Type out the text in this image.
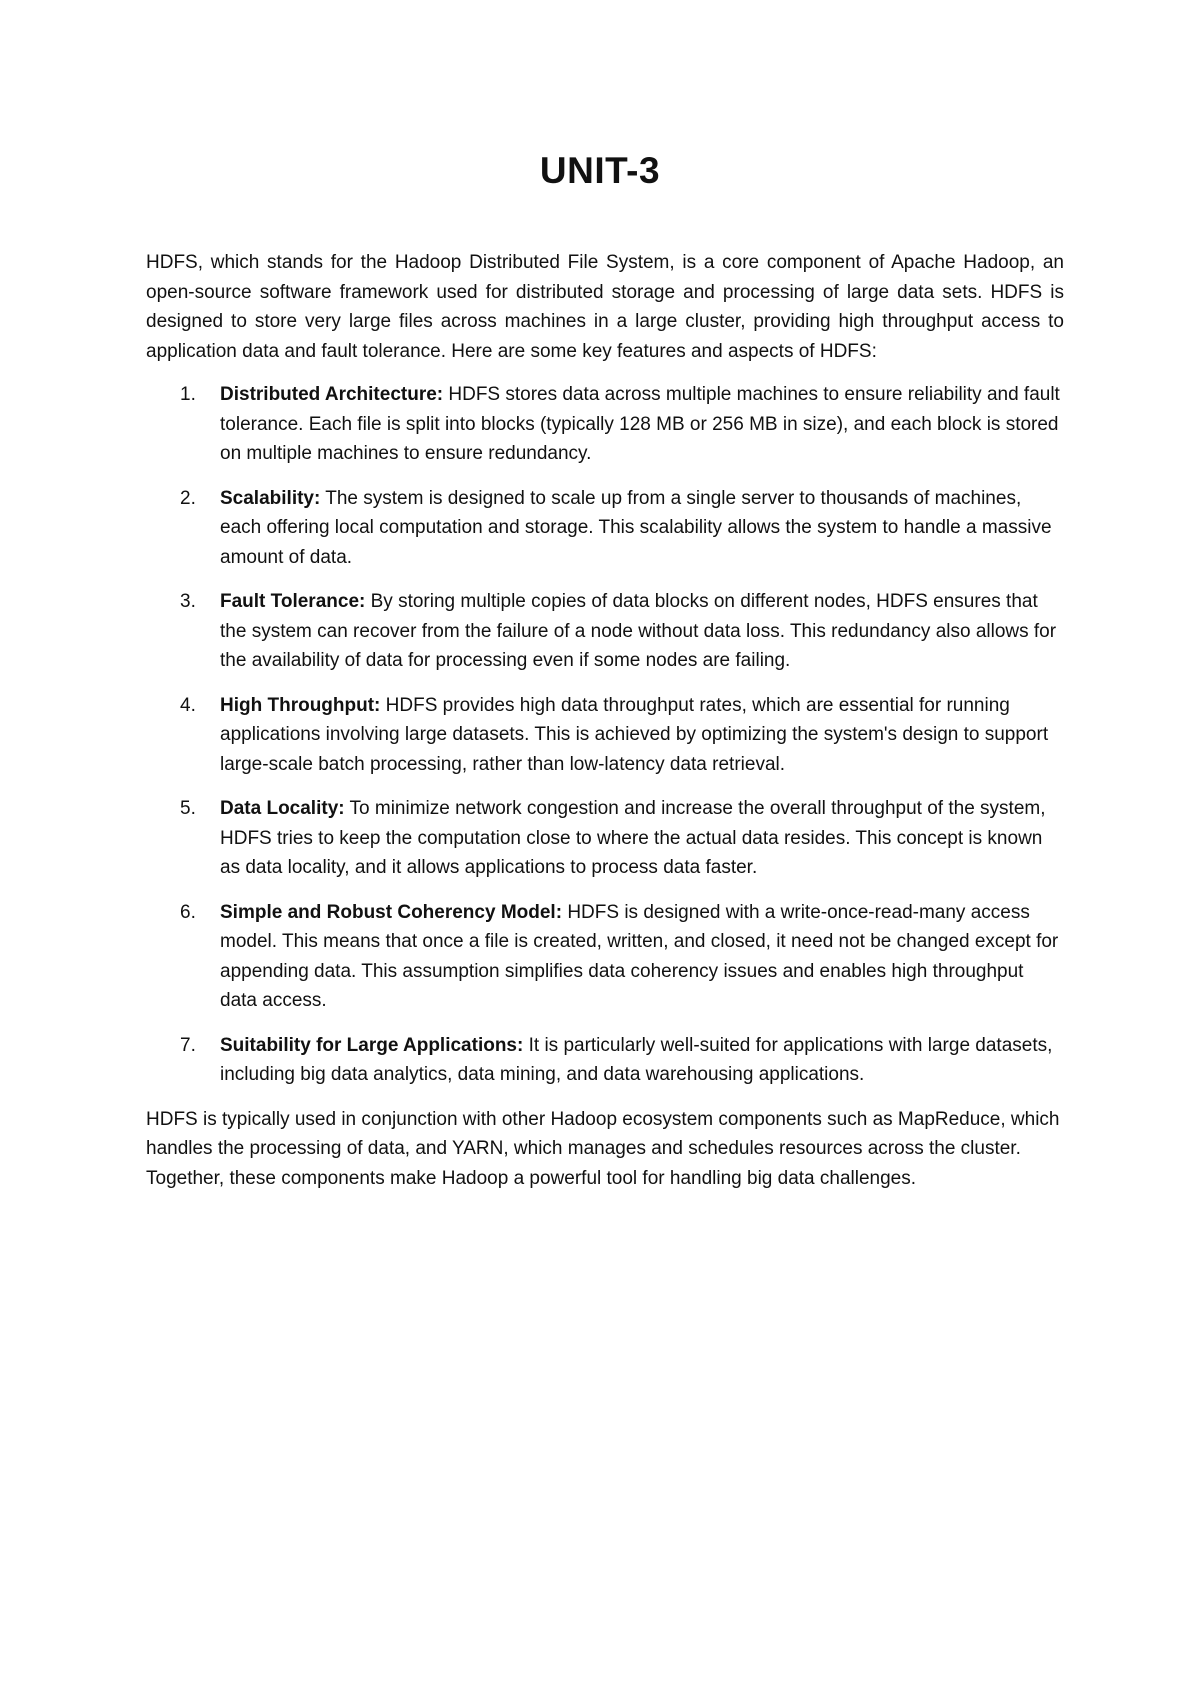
UNIT-3

HDFS, which stands for the Hadoop Distributed File System, is a core component of Apache Hadoop, an open-source software framework used for distributed storage and processing of large data sets. HDFS is designed to store very large files across machines in a large cluster, providing high throughput access to application data and fault tolerance. Here are some key features and aspects of HDFS:

1. Distributed Architecture: HDFS stores data across multiple machines to ensure reliability and fault tolerance. Each file is split into blocks (typically 128 MB or 256 MB in size), and each block is stored on multiple machines to ensure redundancy.
2. Scalability: The system is designed to scale up from a single server to thousands of machines, each offering local computation and storage. This scalability allows the system to handle a massive amount of data.
3. Fault Tolerance: By storing multiple copies of data blocks on different nodes, HDFS ensures that the system can recover from the failure of a node without data loss. This redundancy also allows for the availability of data for processing even if some nodes are failing.
4. High Throughput: HDFS provides high data throughput rates, which are essential for running applications involving large datasets. This is achieved by optimizing the system's design to support large-scale batch processing, rather than low-latency data retrieval.
5. Data Locality: To minimize network congestion and increase the overall throughput of the system, HDFS tries to keep the computation close to where the actual data resides. This concept is known as data locality, and it allows applications to process data faster.
6. Simple and Robust Coherency Model: HDFS is designed with a write-once-read-many access model. This means that once a file is created, written, and closed, it need not be changed except for appending data. This assumption simplifies data coherency issues and enables high throughput data access.
7. Suitability for Large Applications: It is particularly well-suited for applications with large datasets, including big data analytics, data mining, and data warehousing applications.

HDFS is typically used in conjunction with other Hadoop ecosystem components such as MapReduce, which handles the processing of data, and YARN, which manages and schedules resources across the cluster. Together, these components make Hadoop a powerful tool for handling big data challenges.
